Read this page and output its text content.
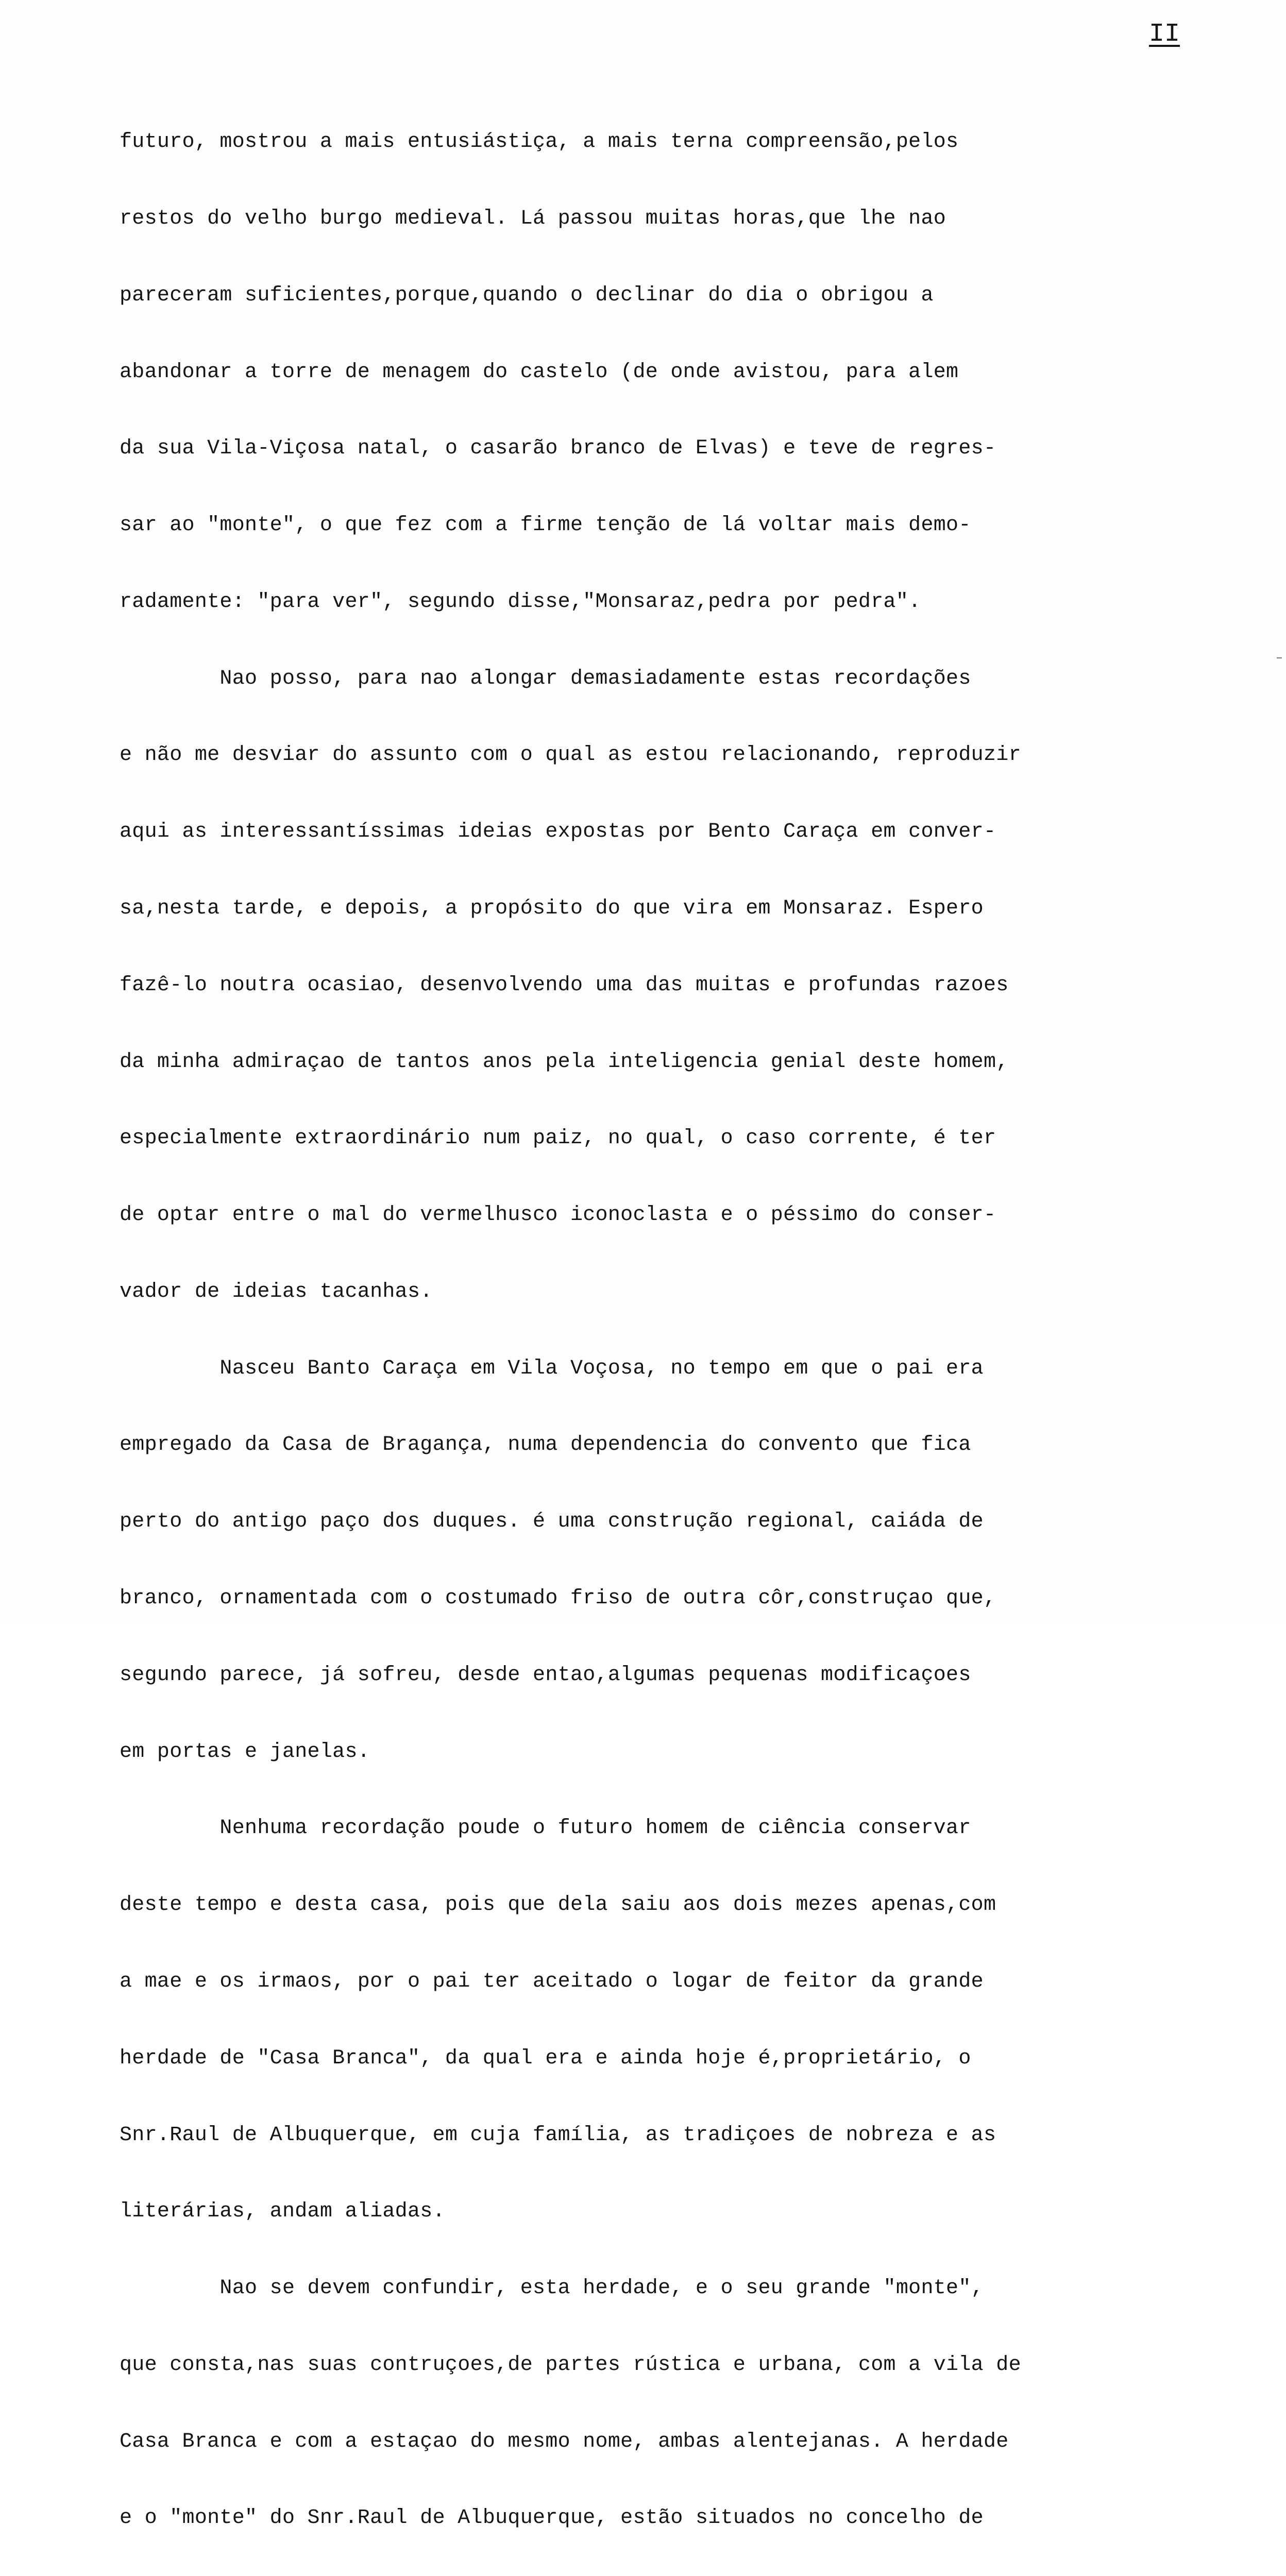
II

futuro, mostrou a mais entusiástiça, a mais terna compreensão,pelos

restos do velho burgo medieval. Lá passou muitas horas,que lhe nao

pareceram suficientes,porque,quando o declinar do dia o obrigou a

abandonar a torre de menagem do castelo (de onde avistou, para alem

da sua Vila-Viçosa natal, o casarão branco de Elvas) e teve de regres-

sar ao "monte", o que fez com a firme tenção de lá voltar mais demo-

radamente: "para ver", segundo disse,"Monsaraz,pedra por pedra".

Nao posso, para nao alongar demasiadamente estas recordações

e não me desviar do assunto com o qual as estou relacionando, reproduzir

aqui as interessantíssimas ideias expostas por Bento Caraça em conver-

sa,nesta tarde, e depois, a propósito do que vira em Monsaraz. Espero

fazê-lo noutra ocasiao, desenvolvendo uma das muitas e profundas razoes

da minha admiraçao de tantos anos pela inteligencia genial deste homem,

especialmente extraordinário num paiz, no qual, o caso corrente, é ter

de optar entre o mal do vermelhusco iconoclasta e o péssimo do conser-

vador de ideias tacanhas.

Nasceu Banto Caraça em Vila Voçosa, no tempo em que o pai era

empregado da Casa de Bragança, numa dependencia do convento que fica

perto do antigo paço dos duques. é uma construção regional, caiáda de

branco, ornamentada com o costumado friso de outra côr,construçao que,

segundo parece, já sofreu, desde entao,algumas pequenas modificaçoes

em portas e janelas.

Nenhuma recordação poude o futuro homem de ciência conservar

deste tempo e desta casa, pois que dela saiu aos dois mezes apenas,com

a mae e os irmaos, por o pai ter aceitado o logar de feitor da grande

herdade de "Casa Branca", da qual era e ainda hoje é,proprietário, o

Snr.Raul de Albuquerque, em cuja família, as tradiçoes de nobreza e as

literárias, andam aliadas.

Nao se devem confundir, esta herdade, e o seu grande "monte",

que consta,nas suas contruçoes,de partes rústica e urbana, com a vila de

Casa Branca e com a estaçao do mesmo nome, ambas alentejanas. A herdade

e o "monte" do Snr.Raul de Albuquerque, estão situados no concelho de
